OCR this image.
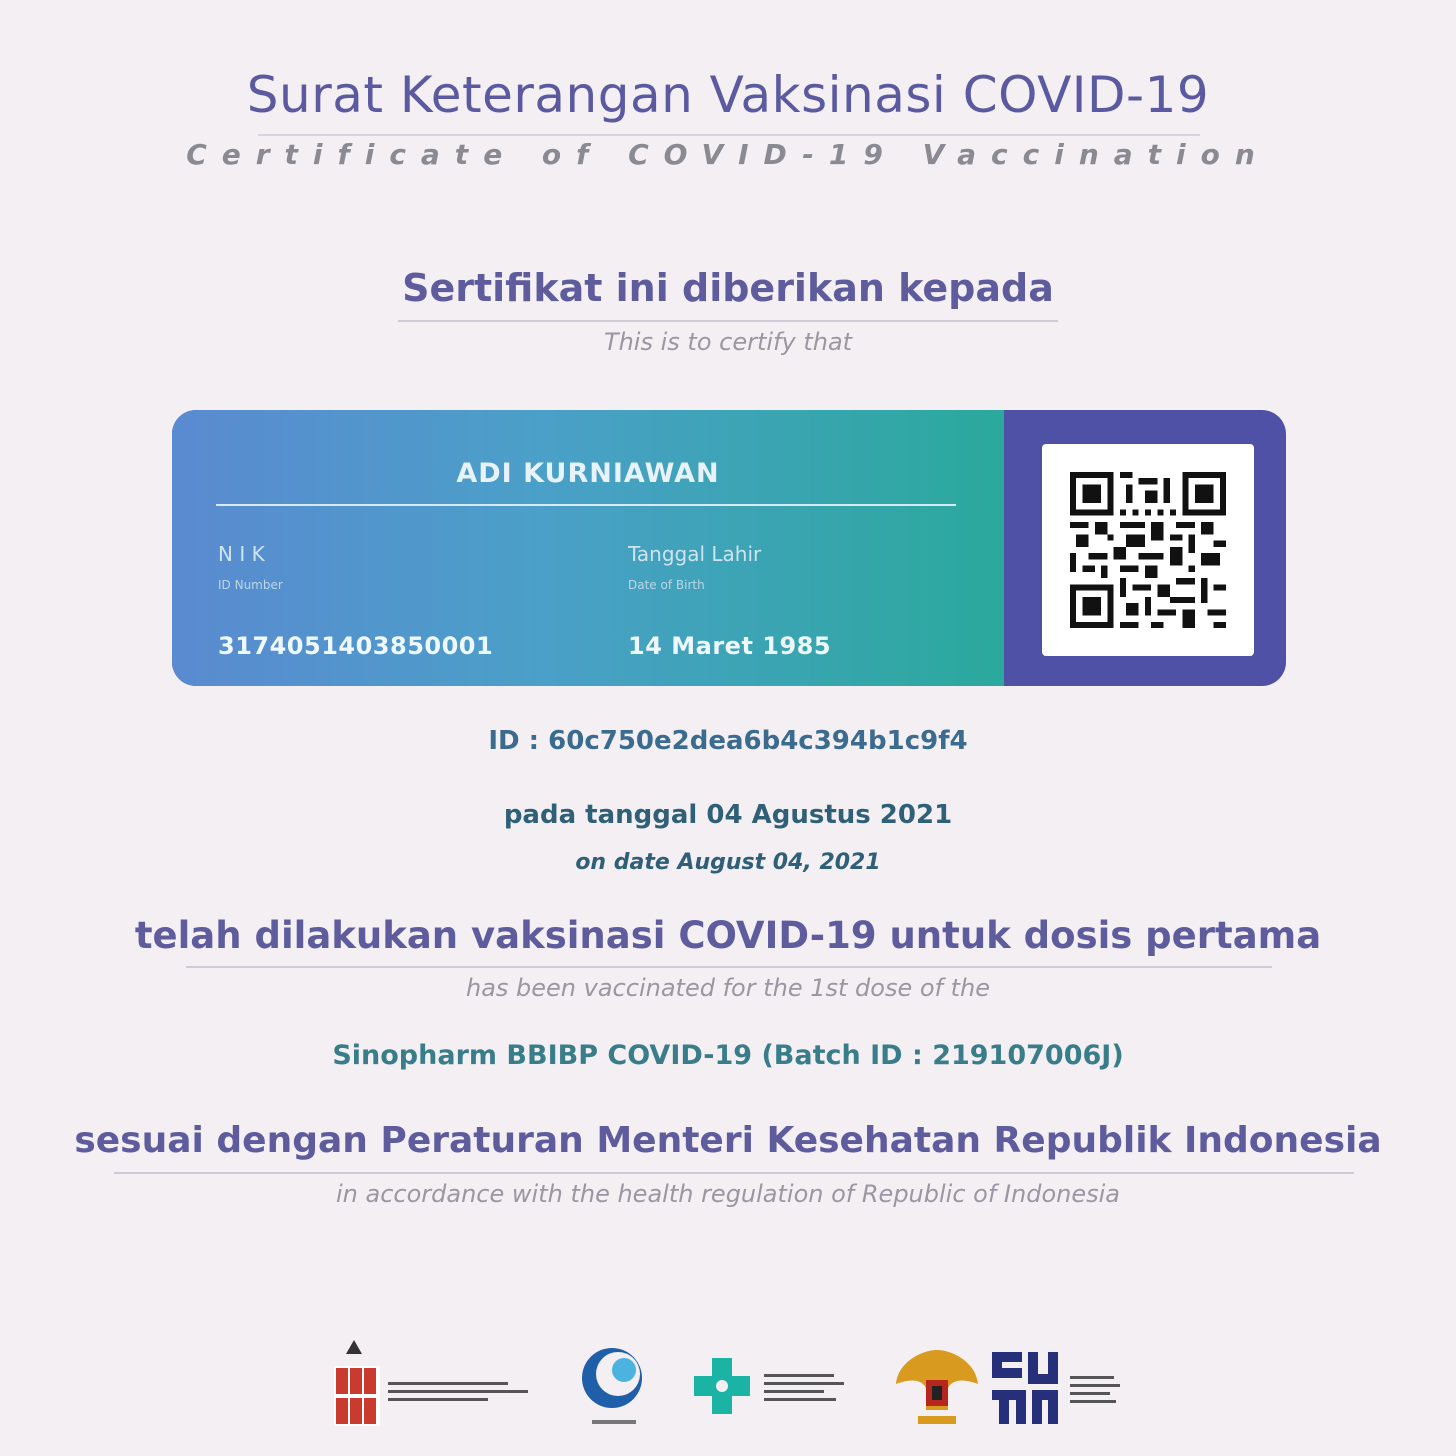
Surat Keterangan Vaksinasi COVID-19
Certificate of COVID-19 Vaccination
Sertifikat ini diberikan kepada
This is to certify that
ADI KURNIAWAN
N I K
ID Number
3174051403850001
Tanggal Lahir
Date of Birth
14 Maret 1985
ID : 60c750e2dea6b4c394b1c9f4
pada tanggal 04 Agustus 2021
on date August 04, 2021
telah dilakukan vaksinasi COVID-19 untuk dosis pertama
has been vaccinated for the 1st dose of the
Sinopharm BBIBP COVID-19 (Batch ID : 219107006J)
sesuai dengan Peraturan Menteri Kesehatan Republik Indonesia
in accordance with the health regulation of Republic of Indonesia
